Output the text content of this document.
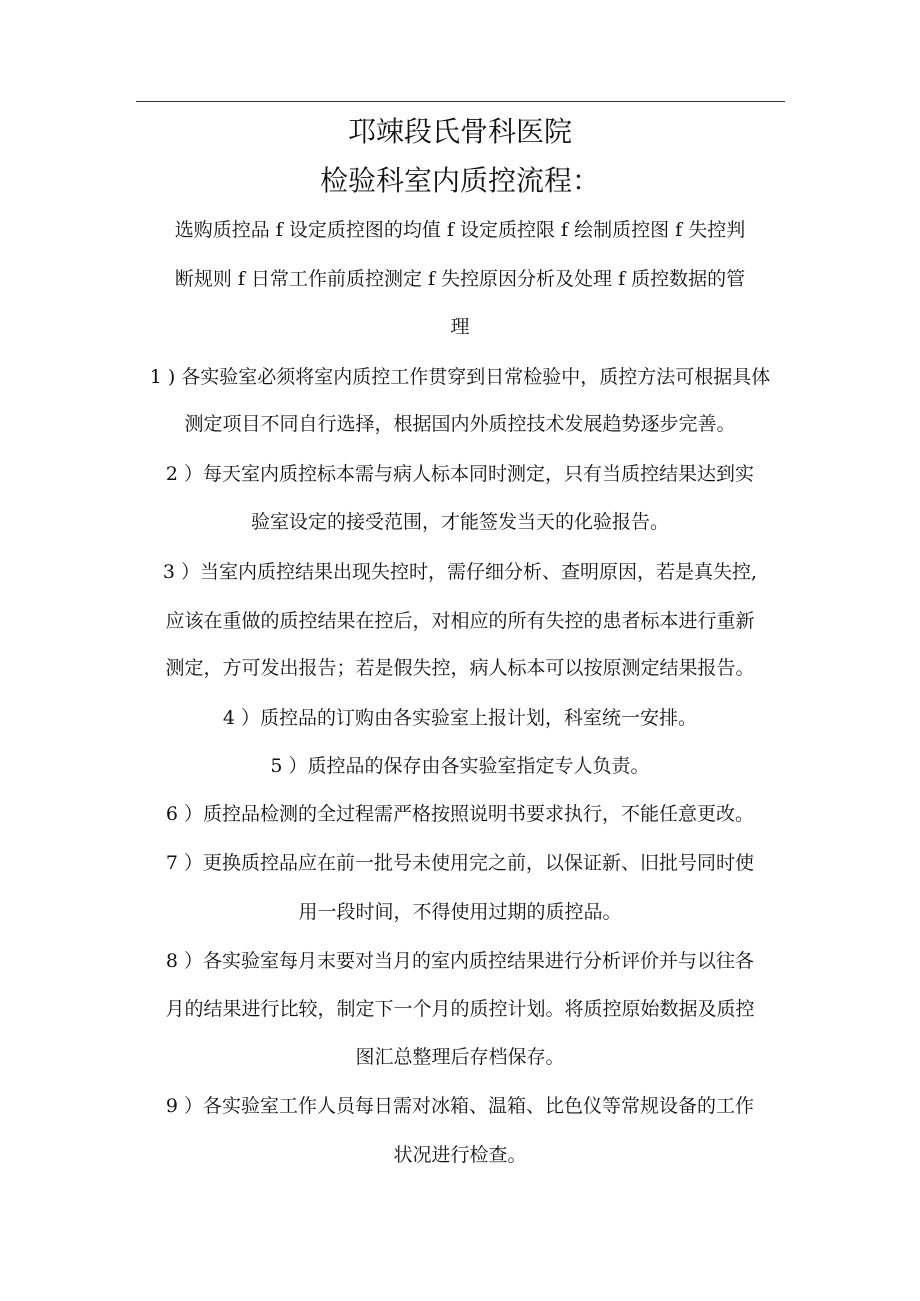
邛竦段氏骨科医院
检验科室内质控流程：
选购质控品 f 设定质控图的均值 f 设定质控限 f 绘制质控图 f 失控判
断规则 f 日常工作前质控测定 f 失控原因分析及处理 f 质控数据的管
理
1 ) 各实验室必须将室内质控工作贯穿到日常检验中，质控方法可根据具体
测定项目不同自行选择，根据国内外质控技术发展趋势逐步完善。
2 ）每天室内质控标本需与病人标本同时测定，只有当质控结果达到实
验室设定的接受范围，才能签发当天的化验报告。
3 ）当室内质控结果出现失控时，需仔细分析、查明原因，若是真失控,
应该在重做的质控结果在控后，对相应的所有失控的患者标本进行重新
测定，方可发出报告；若是假失控，病人标本可以按原测定结果报告。
4 ）质控品的订购由各实验室上报计划，科室统一安排。
5 ）质控品的保存由各实验室指定专人负责。
6 ）质控品检测的全过程需严格按照说明书要求执行，不能任意更改。
7 ）更换质控品应在前一批号未使用完之前，以保证新、旧批号同时使
用一段时间，不得使用过期的质控品。
8 ）各实验室每月末要对当月的室内质控结果进行分析评价并与以往各
月的结果进行比较，制定下一个月的质控计划。将质控原始数据及质控
图汇总整理后存档保存。
9 ）各实验室工作人员每日需对冰箱、温箱、比色仪等常规设备的工作
状况进行检查。
